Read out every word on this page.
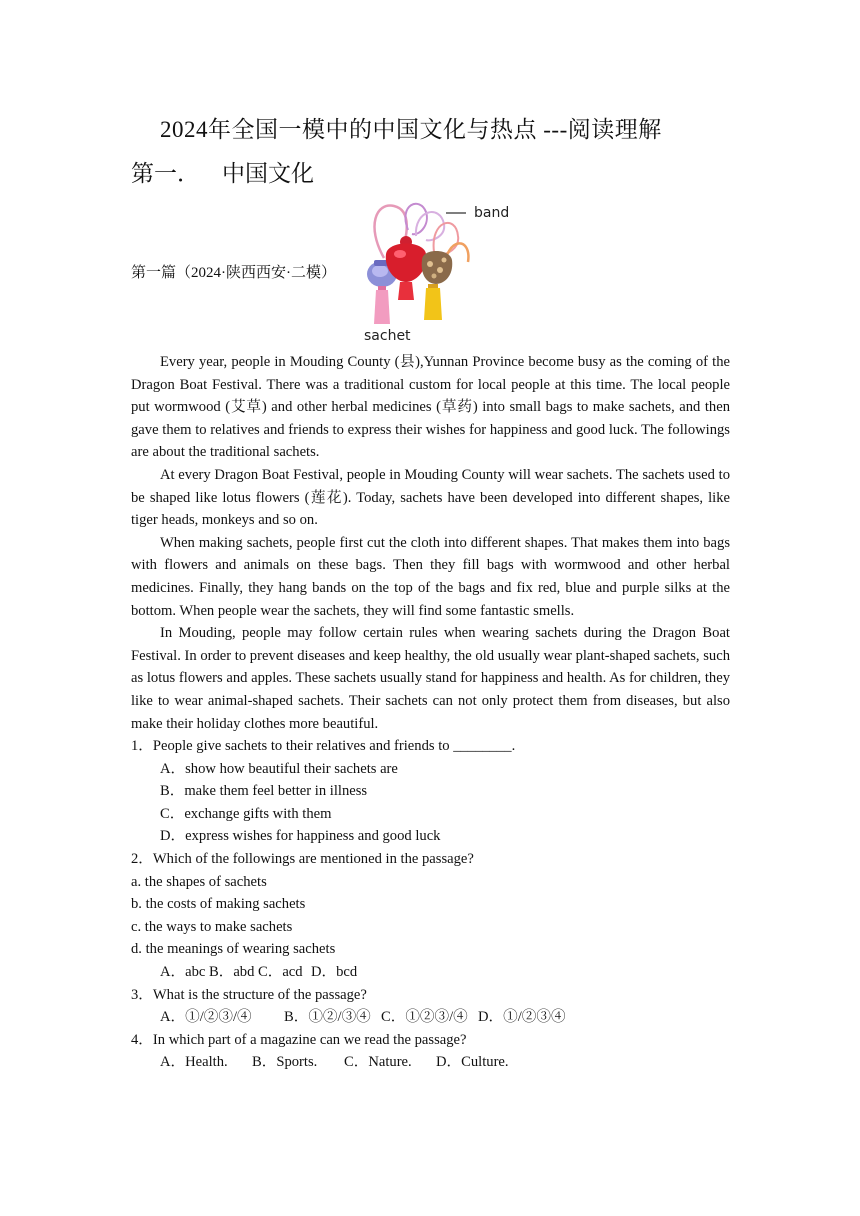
2024年全国一模中的中国文化与热点 ---阅读理解
第一． 中国文化
第一篇（2024·陕西西安·二模）
band
sachet

Every year, people in Mouding County (县),Yunnan Province become busy as the coming of the Dragon Boat Festival. There was a traditional custom for local people at this time. The local people put wormwood (艾草) and other herbal medicines (草药) into small bags to make sachets, and then gave them to relatives and friends to express their wishes for happiness and good luck. The followings are about the traditional sachets.

At every Dragon Boat Festival, people in Mouding County will wear sachets. The sachets used to be shaped like lotus flowers (莲花). Today, sachets have been developed into different shapes, like tiger heads, monkeys and so on.

When making sachets, people first cut the cloth into different shapes. That makes them into bags with flowers and animals on these bags. Then they fill bags with wormwood and other herbal medicines. Finally, they hang bands on the top of the bags and fix red, blue and purple silks at the bottom. When people wear the sachets, they will find some fantastic smells.

In Mouding, people may follow certain rules when wearing sachets during the Dragon Boat Festival. In order to prevent diseases and keep healthy, the old usually wear plant-shaped sachets, such as lotus flowers and apples. These sachets usually stand for happiness and health. As for children, they like to wear animal-shaped sachets. Their sachets can not only protect them from diseases, but also make their holiday clothes more beautiful.

1．People give sachets to their relatives and friends to ________.
A．show how beautiful their sachets are
B．make them feel better in illness
C．exchange gifts with them
D．express wishes for happiness and good luck
2．Which of the followings are mentioned in the passage?
a. the shapes of sachets
b. the costs of making sachets
c. the ways to make sachets
d. the meanings of wearing sachets
A．abc B．abd C．acd D．bcd
3．What is the structure of the passage?
A．①/②③/④ B．①②/③④ C．①②③/④ D．①/②③④
4．In which part of a magazine can we read the passage?
A．Health. B．Sports. C．Nature. D．Culture.
